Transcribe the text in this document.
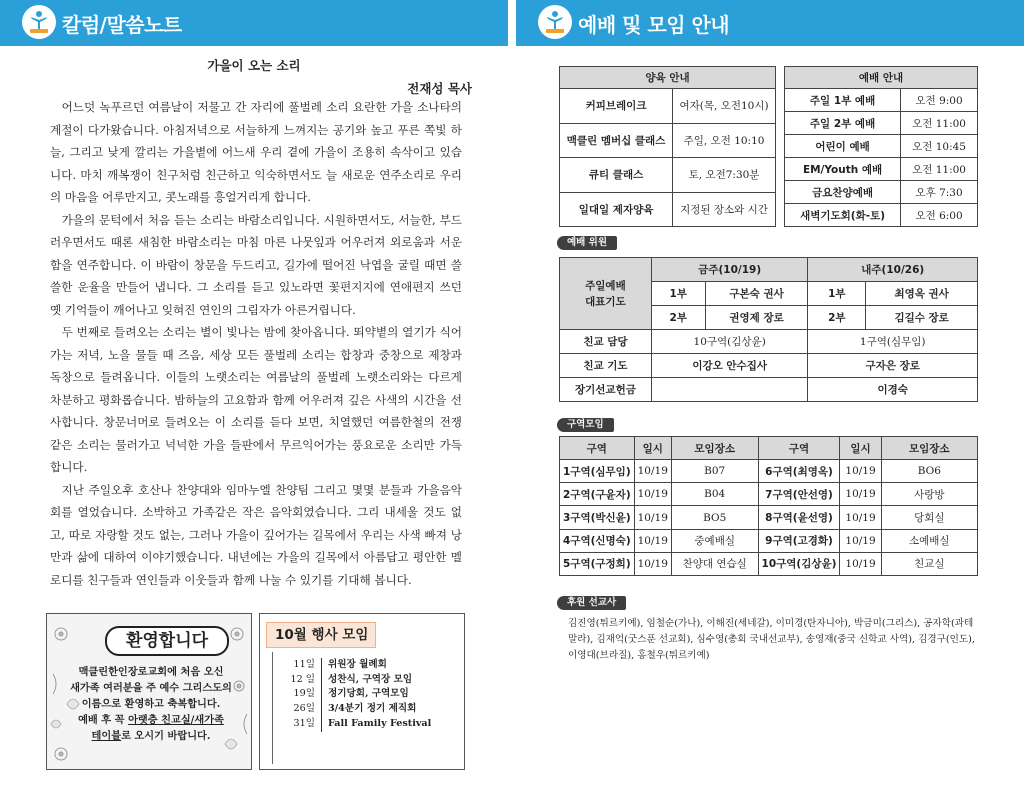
칼럼/말씀노트	예배 및 모임 안내
가을이 오는 소리
전재성 목사

어느덧 녹푸르던 여름날이 저물고 간 자리에 풀벌레 소리 요란한 가을 소나타의 계절이 다가왔습니다. 아침저녁으로 서늘하게 느껴지는 공기와 높고 푸른 쪽빛 하늘, 그리고 낮게 깔리는 가을볕에 어느새 우리 곁에 가을이 조용히 속삭이고 있습니다. 마치 깨복쟁이 친구처럼 친근하고 익숙하면서도 늘 새로운 연주소리로 우리의 마음을 어루만지고, 콧노래를 흥얼거리게 합니다.

가을의 문턱에서 처음 듣는 소리는 바람소리입니다. 시원하면서도, 서늘한, 부드러우면서도 때론 새침한 바람소리는 마침 마른 나뭇잎과 어우러져 외로움과 서운함을 연주합니다. 이 바람이 창문을 두드리고, 길가에 떨어진 낙엽을 굴릴 때면 쓸쓸한 운율을 만들어 냅니다. 그 소리를 듣고 있노라면 꽃편지지에 연애편지 쓰던 옛 기억들이 깨어나고 잊혀진 연인의 그림자가 아른거립니다.

두 번째로 들려오는 소리는 별이 빛나는 밤에 찾아옵니다. 뙤약볕의 열기가 식어가는 저녁, 노을 물들 때 즈음, 세상 모든 풀벌레 소리는 합창과 중창으로 제창과 독창으로 들려옵니다. 이들의 노랫소리는 여름날의 풀벌레 노랫소리와는 다르게 차분하고 평화롭습니다. 밤하늘의 고요함과 함께 어우러져 깊은 사색의 시간을 선사합니다. 창문너머로 들려오는 이 소리를 듣다 보면, 치열했던 여름한철의 전쟁 같은 소리는 물러가고 넉넉한 가을 들판에서 무르익어가는 풍요로운 소리만 가득합니다.

지난 주일오후 호산나 찬양대와 임마누엘 찬양팀 그리고 몇몇 분들과 가을음악회를 열었습니다. 소박하고 가족같은 작은 음악회였습니다. 그리 내세울 것도 없고, 따로 자랑할 것도 없는, 그러나 가을이 깊어가는 길목에서 우리는 사색 빠져 낭만과 삶에 대하여 이야기했습니다. 내년에는 가을의 길목에서 아름답고 평안한 멜로디를 친구들과 연인들과 이웃들과 함께 나눌 수 있기를 기대해 봅니다.

환영합니다
맥클린한인장로교회에 처음 오신
새가족 여러분을 주 예수 그리스도의
이름으로 환영하고 축복합니다.
예배 후 꼭 아랫층 친교실/새가족
테이블로 오시기 바랍니다.
10월 행사 모임
11일	위원장 월례회
12 일	성찬식, 구역장 모임
19일	정기당회, 구역모임
26일	3/4분기 정기 제직회
31일	Fall Family Festival
양육 안내	
커피브레이크	여자(목, 오전10시)
맥클린 멤버십 클래스	주일, 오전 10:10
큐티 클래스	토, 오전7:30분
일대일 제자양육	지정된 장소와 시간
예배 안내	
주일 1부 예배	오전 9:00
주일 2부 예배	오전 11:00
어린이 예배	오전 10:45
EM/Youth 예배	오전 11:00
금요찬양예배	오후 7:30
새벽기도회(화-토)	오전 6:00
예배 위원
주일예배
대표기도	금주(10/19)		내주(10/26)	
	1부	구본숙 권사	1부	최영옥 권사
	2부	권영제 장로	2부	김길수 장로
친교 담당	10구역(김상윤)		1구역(심무임)	
친교 기도	이강오 안수집사		구자은 장로	
장기선교헌금			이경숙	
구역모임
구역	일시	모임장소	구역	일시	모임장소
1구역(심무임)	10/19	B07	6구역(최영옥)	10/19	BO6
2구역(구윤자)	10/19	B04	7구역(안선영)	10/19	사랑방
3구역(박신윤)	10/19	BO5	8구역(윤선영)	10/19	당회실
4구역(신명숙)	10/19	중예배실	9구역(고경화)	10/19	소예배실
5구역(구정희)	10/19	찬양대 연습실	10구역(김상윤)	10/19	친교실
후원 선교사
김진영(튀르키예), 임철순(가나), 이해진(세네갈), 이미경(탄자니아), 박금미(그리스), 공자학(과테말라), 김재억(굿스푼 선교회), 심수영(총회 국내선교부), 송영재(중국 신학교 사역), 김경구(인도), 이영대(브라질), 홍철우(튀르키예)
